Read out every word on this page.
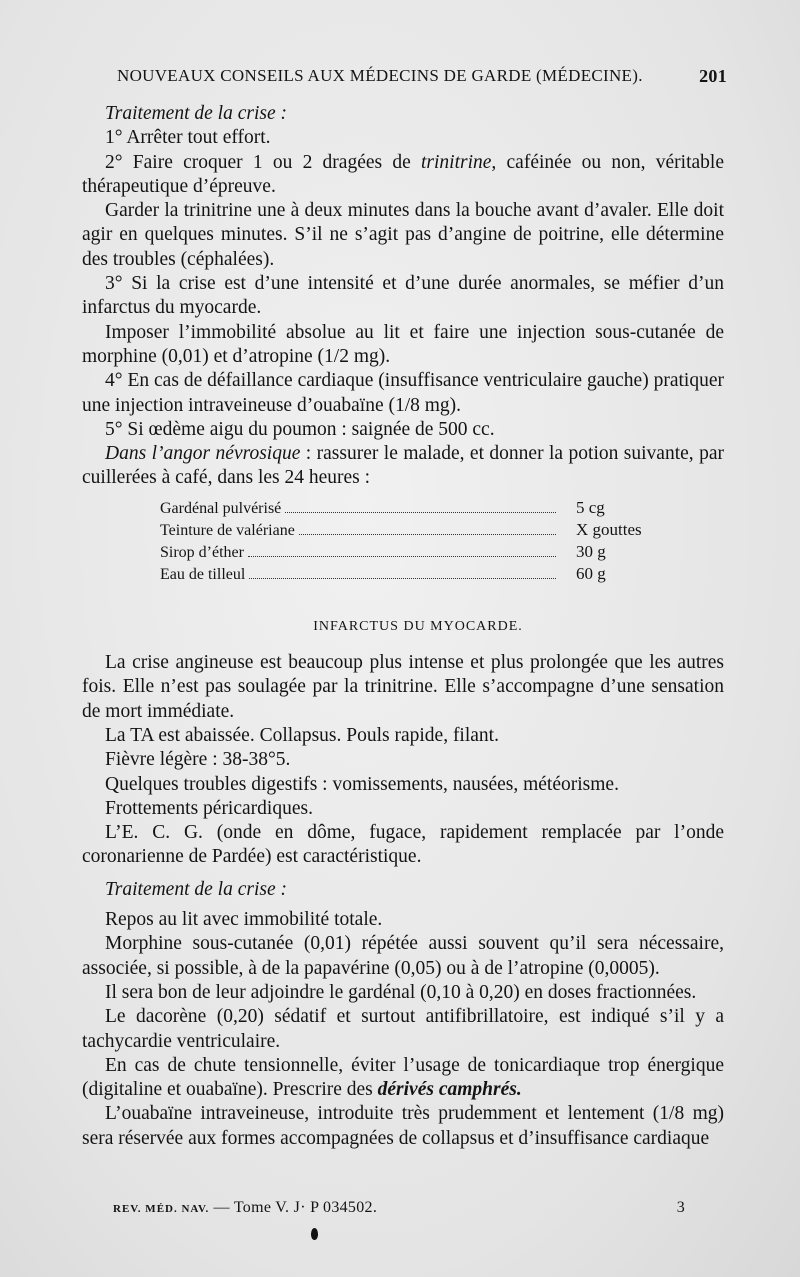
NOUVEAUX CONSEILS AUX MÉDECINS DE GARDE (MÉDECINE).	201

Traitement de la crise :

1° Arrêter tout effort.

2° Faire croquer 1 ou 2 dragées de trinitrine, caféinée ou non, véritable thérapeutique d’épreuve.

Garder la trinitrine une à deux minutes dans la bouche avant d’avaler. Elle doit agir en quelques minutes. S’il ne s’agit pas d’angine de poitrine, elle détermine des troubles (céphalées).

3° Si la crise est d’une intensité et d’une durée anormales, se méfier d’un infarctus du myocarde.

Imposer l’immobilité absolue au lit et faire une injection sous-cutanée de morphine (0,01) et d’atropine (1/2 mg).

4° En cas de défaillance cardiaque (insuffisance ventriculaire gauche) pratiquer une injection intraveineuse d’ouabaïne (1/8 mg).

5° Si œdème aigu du poumon : saignée de 500 cc.

Dans l’angor névrosique : rassurer le malade, et donner la potion suivante, par cuillerées à café, dans les 24 heures :

Gardénal pulvérisé	5 cg
Teinture de valériane	X gouttes
Sirop d’éther	30 g
Eau de tilleul	60 g

INFARCTUS DU MYOCARDE.

La crise angineuse est beaucoup plus intense et plus prolongée que les autres fois. Elle n’est pas soulagée par la trinitrine. Elle s’accompagne d’une sensation de mort immédiate.

La TA est abaissée. Collapsus. Pouls rapide, filant.

Fièvre légère : 38-38°5.

Quelques troubles digestifs : vomissements, nausées, météorisme.

Frottements péricardiques.

L’E. C. G. (onde en dôme, fugace, rapidement remplacée par l’onde coronarienne de Pardée) est caractéristique.

Traitement de la crise :

Repos au lit avec immobilité totale.

Morphine sous-cutanée (0,01) répétée aussi souvent qu’il sera nécessaire, associée, si possible, à de la papavérine (0,05) ou à de l’atropine (0,0005).

Il sera bon de leur adjoindre le gardénal (0,10 à 0,20) en doses fractionnées.

Le dacorène (0,20) sédatif et surtout antifibrillatoire, est indiqué s’il y a tachycardie ventriculaire.

En cas de chute tensionnelle, éviter l’usage de tonicardiaque trop énergique (digitaline et ouabaïne). Prescrire des dérivés camphrés.

L’ouabaïne intraveineuse, introduite très prudemment et lentement (1/8 mg) sera réservée aux formes accompagnées de collapsus et d’insuffisance cardiaque

REV. MÉD. NAV. — Tome V. J· P 034502.	3
